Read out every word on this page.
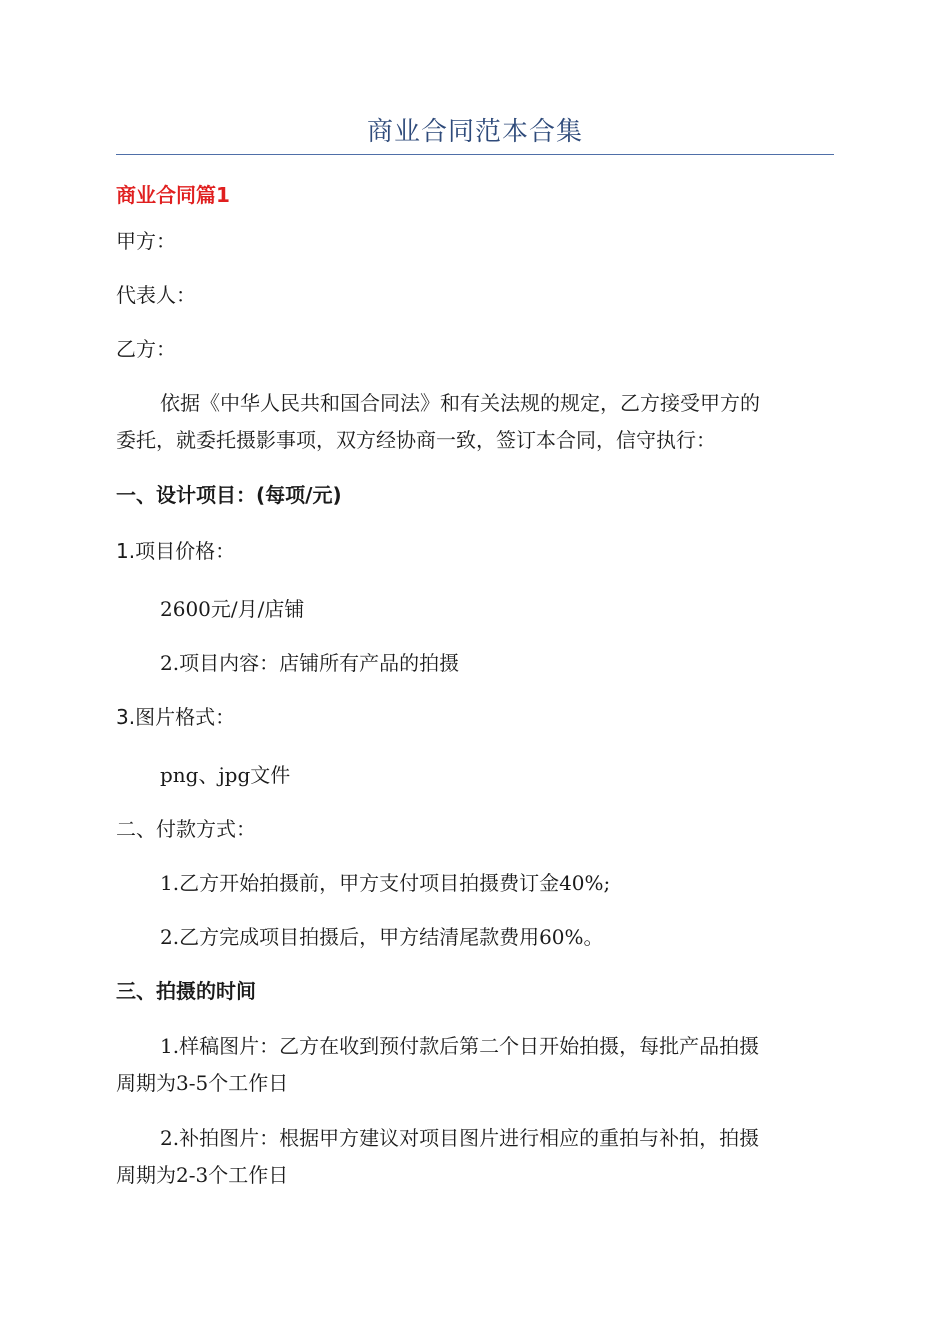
商业合同范本合集
商业合同篇1
甲方：
代表人：
乙方：
依据《中华人民共和国合同法》和有关法规的规定，乙方接受甲方的
委托，就委托摄影事项，双方经协商一致，签订本合同，信守执行：
一、设计项目：(每项/元)
1.项目价格：
2600元/月/店铺
2.项目内容：店铺所有产品的拍摄
3.图片格式：
png、jpg文件
二、付款方式：
1.乙方开始拍摄前，甲方支付项目拍摄费订金40%;
2.乙方完成项目拍摄后，甲方结清尾款费用60%。
三、拍摄的时间
1.样稿图片：乙方在收到预付款后第二个日开始拍摄，每批产品拍摄
周期为3-5个工作日
2.补拍图片：根据甲方建议对项目图片进行相应的重拍与补拍，拍摄
周期为2-3个工作日
